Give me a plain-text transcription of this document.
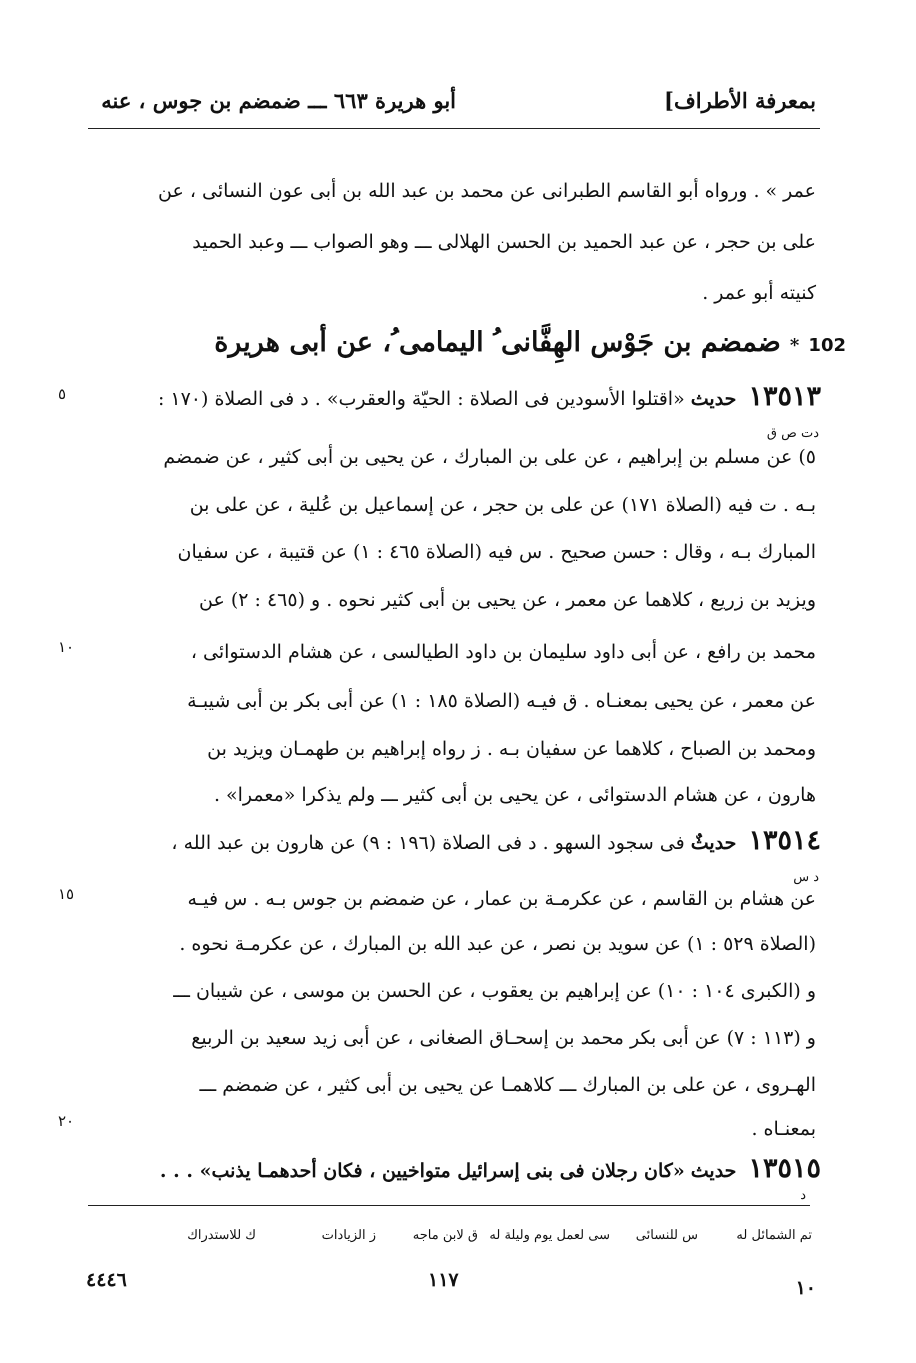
بمعرفة الأطراف]
أبو هريرة ٦٦٣ ـــ ضمضم بن جوس ، عنه
عمر » . ورواه أبو القاسم الطبرانى عن محمد بن عبد الله بن أبى عون النسائى ، عن
على بن حجر ، عن عبد الحميد بن الحسن الهلالى ـــ وهو الصواب ـــ وعبد الحميد
كنيته أبو عمر .
102 * ضمضم بن جَوْس الهِفَّانى ُ اليمامى ُ، عن أبى هريرة
٥
دت ص ق
١٣٥١٣ حديث «اقتلوا الأسودين فى الصلاة : الحيّة والعقرب» . د فى الصلاة (١٧٠ :
٥) عن مسلم بن إبراهيم ، عن على بن المبارك ، عن يحيى بن أبى كثير ، عن ضمضم
بـه . ت فيه (الصلاة ١٧١) عن على بن حجر ، عن إسماعيل بن عُلية ، عن على بن
المبارك بـه ، وقال : حسن صحيح . س فيه (الصلاة ٤٦٥ : ١) عن قتيبة ، عن سفيان
ويزيد بن زريع ، كلاهما عن معمر ، عن يحيى بن أبى كثير نحوه . و (٤٦٥ : ٢) عن
١٠	محمد بن رافع ، عن أبى داود سليمان بن داود الطيالسى ، عن هشام الدستوائى ،
عن معمر ، عن يحيى بمعنـاه . ق فيـه (الصلاة ١٨٥ : ١) عن أبى بكر بن أبى شيبـة
ومحمد بن الصباح ، كلاهما عن سفيان بـه . ز رواه إبراهيم بن طهمـان ويزيد بن
هارون ، عن هشام الدستوائى ، عن يحيى بن أبى كثير ـــ ولم يذكرا «معمرا» .
١٣٥١٤ حديثٌ فى سجود السهو . د فى الصلاة (١٩٦ : ٩) عن هارون بن عبد الله ،
د س
١٥	عن هشام بن القاسم ، عن عكرمـة بن عمار ، عن ضمضم بن جوس بـه . س فيـه
(الصلاة ٥٢٩ : ١) عن سويد بن نصر ، عن عبد الله بن المبارك ، عن عكرمـة نحوه .
و (الكبرى ١٠٤ : ١٠) عن إبراهيم بن يعقوب ، عن الحسن بن موسى ، عن شيبان ـــ
و (١١٣ : ٧) عن أبى بكر محمد بن إسحـاق الصغانى ، عن أبى زيد سعيد بن الربيع
الهـروى ، عن على بن المبارك ـــ كلاهمـا عن يحيى بن أبى كثير ، عن ضمضم ـــ
٢٠	بمعنـاه .
١٣٥١٥ حديث «كان رجلان فى بنى إسرائيل متواخيين ، فكان أحدهمـا يذنب» . . .
د
تم الشمائل له
س للنسائى
سى لعمل يوم وليلة له
ق لابن ماجه
ز الزيادات
ك للاستدراك
١٠
١١٧
٤٤٤٦
